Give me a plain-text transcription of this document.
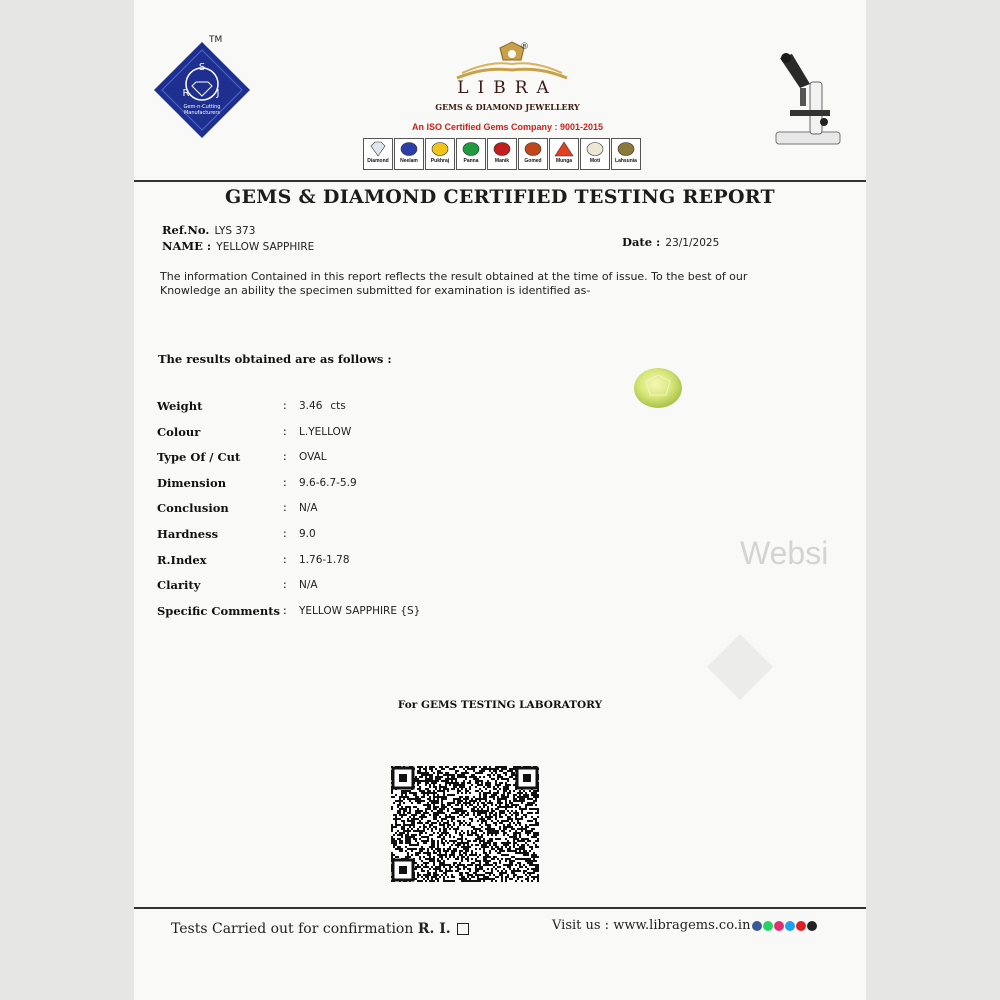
S
R	J
Gem-n-Cutting
Manufacturers
TM
®
LIBRA
GEMS & DIAMOND JEWELLERY
An ISO Certified Gems Company : 9001-2015
Diamond Neelam	Pukhraj	Panna	Manik	Gomed	Munga	Moti	Lahsunia
GEMS & DIAMOND CERTIFIED TESTING REPORT
Ref.No. LYS 373
NAME : YELLOW SAPPHIRE	Date : 23/1/2025
The information Contained in this report reflects the result obtained at the time of issue. To the best of our Knowledge an ability the specimen submitted for examination is identified as-
The results obtained are as follows :
Weight	: 3.46 cts
Colour	: L.YELLOW
Type Of / Cut	: OVAL
Dimension	: 9.6-6.7-5.9
Conclusion	: N/A
Hardness	: 9.0
R.Index	: 1.76-1.78
Clarity	: N/A
Specific Comments : YELLOW SAPPHIRE {S}
Websi
For GEMS TESTING LABORATORY
Tests Carried out for confirmation R. I.	Visit us : www.libragems.co.in
